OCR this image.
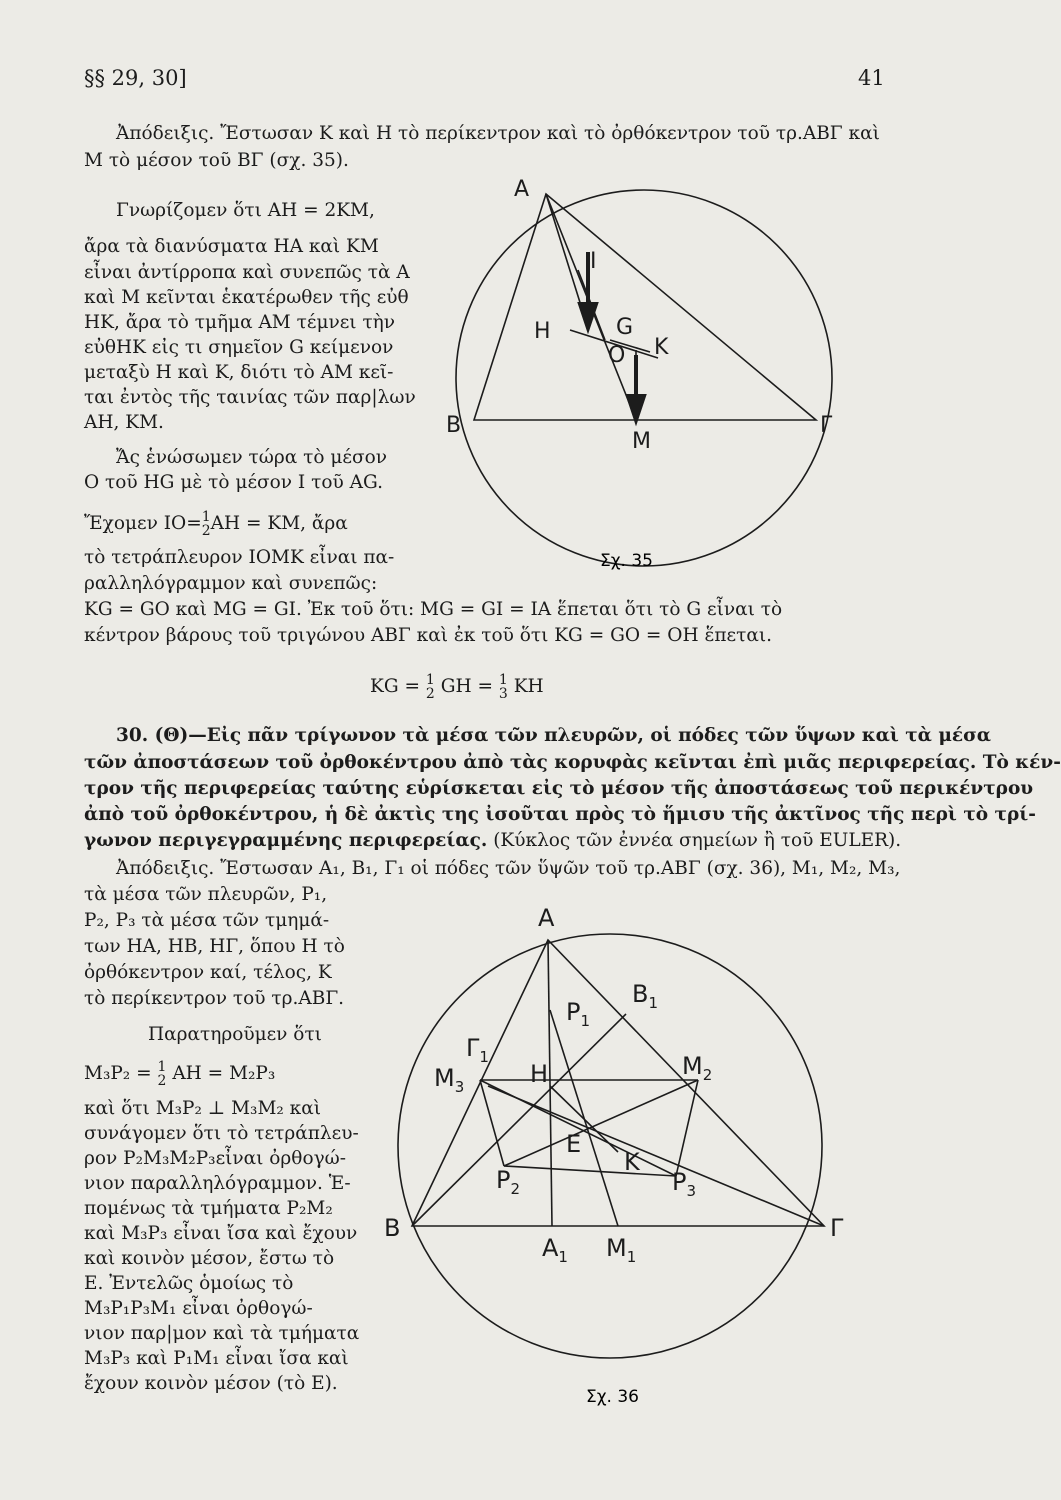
§§ 29, 30]	41
Ἀπόδειξις. Ἔστωσαν Κ καὶ Η τὸ περίκεντρον καὶ τὸ ὀρθόκεντρον τοῦ τρ.ΑΒΓ καὶ
Μ τὸ μέσον τοῦ ΒΓ (σχ. 35).
Γνωρίζομεν ὅτι ΑΗ = 2ΚΜ,
ἄρα τὰ διανύσματα ΗΑ καὶ ΚΜ
εἶναι ἀντίρροπα καὶ συνεπῶς τὰ Α
καὶ Μ κεῖνται ἑκατέρωθεν τῆς εὐθ
ΗΚ, ἄρα τὸ τμῆμα ΑΜ τέμνει τὴν
εὐθΗΚ εἰς τι σημεῖον G κείμενον
μεταξὺ Η καὶ Κ, διότι τὸ ΑΜ κεῖ-
ται ἐντὸς τῆς ταινίας τῶν παρ|λων
ΑΗ, ΚΜ.
Ἄς ἑνώσωμεν τώρα τὸ μέσον
Ο τοῦ HG μὲ τὸ μέσον Ι τοῦ AG.
Ἔχομεν ΙΟ= 1
2 ΑΗ = ΚΜ, ἄρα
τὸ τετράπλευρον ΙΟΜΚ εἶναι πα-
ραλληλόγραμμον καὶ συνεπῶς:
KG = GO καὶ MG = GI. Ἐκ τοῦ ὅτι: MG = GI = IA ἕπεται ὅτι τὸ G εἶναι τὸ
κέντρον βάρους τοῦ τριγώνου ΑΒΓ καὶ ἐκ τοῦ ὅτι KG = GO = OH ἕπεται.
KG = 1
2 GH = 1
3 KH
A
B	Γ
H
I
G
O K
M
Σχ. 35
30. (Θ)—Εἰς πᾶν τρίγωνον τὰ μέσα τῶν πλευρῶν, οἱ πόδες τῶν ὕψων καὶ τὰ μέσα
τῶν ἀποστάσεων τοῦ ὀρθοκέντρου ἀπὸ τὰς κορυφὰς κεῖνται ἐπὶ μιᾶς περιφερείας. Τὸ κέν-
τρον τῆς περιφερείας ταύτης εὑρίσκεται εἰς τὸ μέσον τῆς ἀποστάσεως τοῦ περικέντρου
ἀπὸ τοῦ ὀρθοκέντρου, ἡ δὲ ἀκτὶς της ἰσοῦται πρὸς τὸ ἥμισυ τῆς ἀκτῖνος τῆς περὶ τὸ τρί-
γωνον περιγεγραμμένης περιφερείας. (Κύκλος τῶν ἐννέα σημείων ἢ τοῦ EULER).
Ἀπόδειξις. Ἔστωσαν Α₁, Β₁, Γ₁ οἱ πόδες τῶν ὕψῶν τοῦ τρ.ΑΒΓ (σχ. 36), Μ₁, Μ₂, Μ₃,
τὰ μέσα τῶν πλευρῶν, Ρ₁,
Ρ₂, Ρ₃ τὰ μέσα τῶν τμημά-
των ΗΑ, ΗΒ, ΗΓ, ὅπου Η τὸ
ὀρθόκεντρον καί, τέλος, Κ
τὸ περίκεντρον τοῦ τρ.ΑΒΓ.
Παρατηροῦμεν ὅτι
Μ₃Ρ₂ = 1
2 ΑΗ = Μ₂Ρ₃
καὶ ὅτι Μ₃Ρ₂ ⊥ Μ₃Μ₂ καὶ
συνάγομεν ὅτι τὸ τετράπλευ-
ρον Ρ₂Μ₃Μ₂Ρ₃εἶναι ὀρθογώ-
νιον παραλληλόγραμμον. Ἑ-
πομένως τὰ τμήματα Ρ₂Μ₂
καὶ Μ₃Ρ₃ εἶναι ἴσα καὶ ἔχουν
καὶ κοινὸν μέσον, ἔστω τὸ
Ε. Ἐντελῶς ὁμοίως τὸ
Μ₃Ρ₁Ρ₃Μ₁ εἶναι ὀρθογώ-
νιον παρ|μον καὶ τὰ τμήματα
Μ₃Ρ₃ καὶ Ρ₁Μ₁ εἶναι ἴσα καὶ
ἔχουν κοινὸν μέσον (τὸ Ε).
A
B	Γ
$P_1$
$B_1$
$\Gamma_1$
$M_3$	H	$M_2$
E
K
$P_2$	$P_3$
$A_1$ $M_1$
Σχ. 36
